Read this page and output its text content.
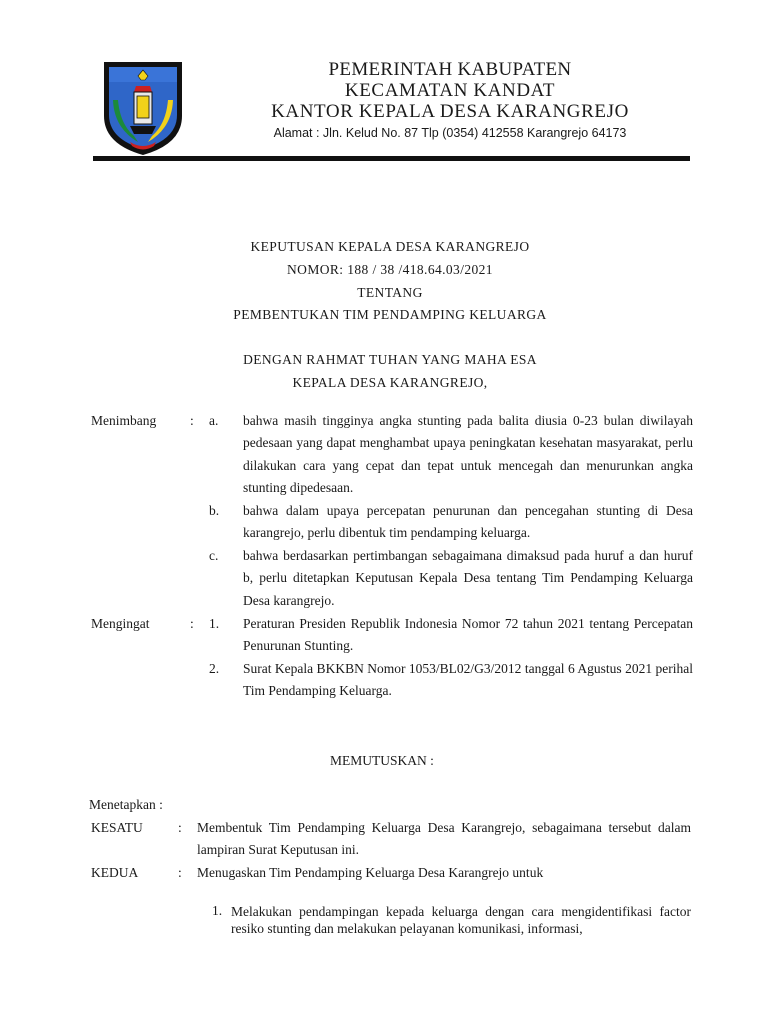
PEMERINTAH KABUPATEN
KECAMATAN KANDAT
KANTOR KEPALA DESA KARANGREJO
Alamat : Jln. Kelud No. 87 Tlp (0354) 412558 Karangrejo 64173
KEPUTUSAN KEPALA DESA KARANGREJO
NOMOR: 188 / 38 /418.64.03/2021
TENTANG
PEMBENTUKAN TIM PENDAMPING KELUARGA
DENGAN RAHMAT TUHAN YANG MAHA ESA
KEPALA DESA KARANGREJO,
Menimbang	: a. bahwa masih tingginya angka stunting pada balita diusia 0-23 bulan diwilayah pedesaan yang dapat menghambat upaya peningkatan kesehatan masyarakat, perlu dilakukan cara yang cepat dan tepat untuk mencegah dan menurunkan angka stunting dipedesaan.
b. bahwa dalam upaya percepatan penurunan dan pencegahan stunting di Desa karangrejo, perlu dibentuk tim pendamping keluarga.
c. bahwa berdasarkan pertimbangan sebagaimana dimaksud pada huruf a dan huruf b, perlu ditetapkan Keputusan Kepala Desa tentang Tim Pendamping Keluarga Desa karangrejo.
Mengingat	: 1. Peraturan Presiden Republik Indonesia Nomor 72 tahun 2021 tentang Percepatan Penurunan Stunting.
2. Surat Kepala BKKBN Nomor 1053/BL02/G3/2012 tanggal 6 Agustus 2021 perihal Tim Pendamping Keluarga.
MEMUTUSKAN :
Menetapkan :
KESATU	: Membentuk Tim Pendamping Keluarga Desa Karangrejo, sebagaimana tersebut dalam lampiran Surat Keputusan ini.
KEDUA	: Menugaskan Tim Pendamping Keluarga Desa Karangrejo untuk
1. Melakukan pendampingan kepada keluarga dengan cara mengidentifikasi factor resiko stunting dan melakukan pelayanan komunikasi, informasi,
